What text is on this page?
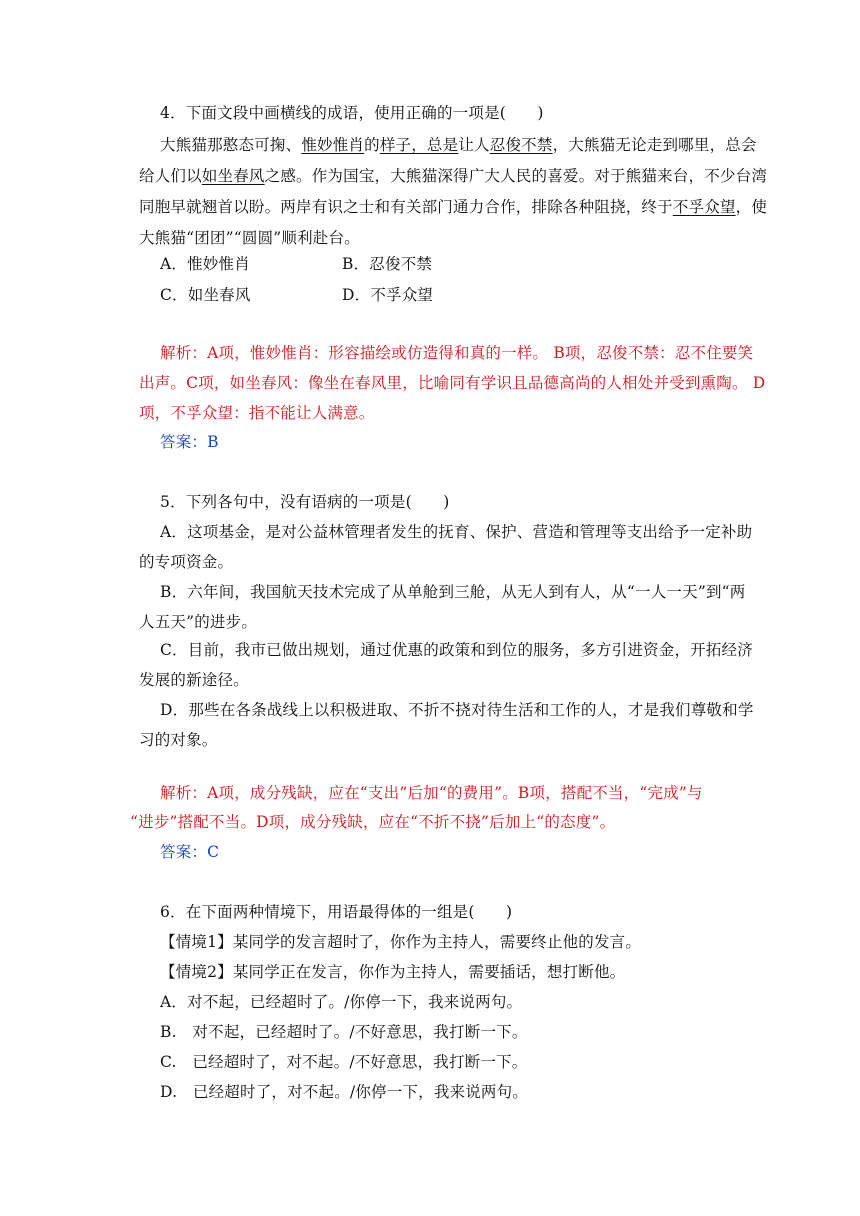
4．下面文段中画横线的成语，使用正确的一项是(　　)
大熊猫那憨态可掬、惟妙惟肖的样子，总是让人忍俊不禁，大熊猫无论走到哪里，总会
给人们以如坐春风之感。作为国宝，大熊猫深得广大人民的喜爱。对于熊猫来台，不少台湾
同胞早就翘首以盼。两岸有识之士和有关部门通力合作，排除各种阻挠，终于不孚众望，使
大熊猫“团团”“圆圆”顺利赴台。
A．惟妙惟肖	B．忍俊不禁
C．如坐春风	D．不孚众望
解析：A项，惟妙惟肖：形容描绘或仿造得和真的一样。 B项，忍俊不禁：忍不住要笑
出声。C项，如坐春风：像坐在春风里，比喻同有学识且品德高尚的人相处并受到熏陶。 D
项，不孚众望：指不能让人满意。
答案：B
5．下列各句中，没有语病的一项是(　　)
A．这项基金，是对公益林管理者发生的抚育、保护、营造和管理等支出给予一定补助
的专项资金。
B．六年间，我国航天技术完成了从单舱到三舱，从无人到有人，从“一人一天”到“两
人五天”的进步。
C．目前，我市已做出规划，通过优惠的政策和到位的服务，多方引进资金，开拓经济
发展的新途径。
D．那些在各条战线上以积极进取、不折不挠对待生活和工作的人，才是我们尊敬和学
习的对象。
解析：A项，成分残缺，应在“支出”后加“的费用”。B项，搭配不当，“完成”与
“进步”搭配不当。D项，成分残缺，应在“不折不挠”后加上“的态度”。
答案：C
6．在下面两种情境下，用语最得体的一组是(　　)
【情境1】某同学的发言超时了，你作为主持人，需要终止他的发言。
【情境2】某同学正在发言，你作为主持人，需要插话，想打断他。
A．对不起，已经超时了。/你停一下，我来说两句。
B.　对不起，已经超时了。/不好意思，我打断一下。
C.　已经超时了，对不起。/不好意思，我打断一下。
D.　已经超时了，对不起。/你停一下，我来说两句。
